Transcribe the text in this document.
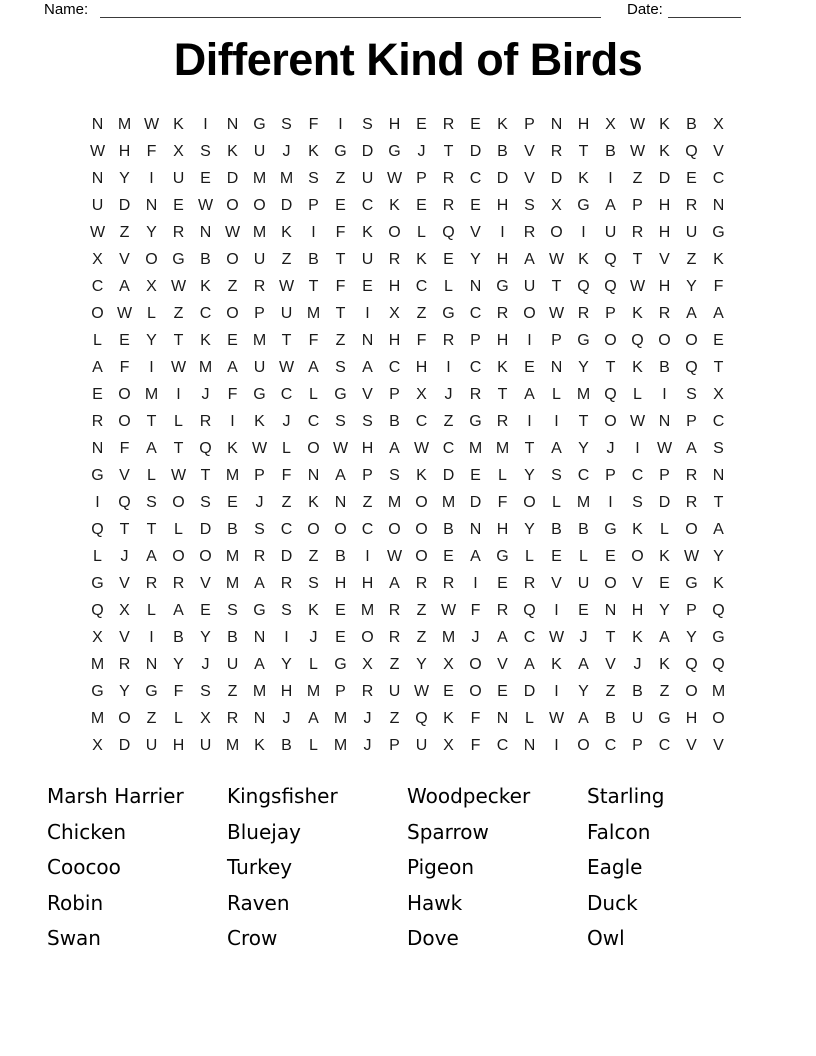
Name:	Date:
Different Kind of Birds
N M W K	I	N G S	F	I	S H E R E	K	P N H X W K	B	X
W H	F	X	S	K U	J	K G D G	J	T	D B	V R	T	B W K Q V
N Y	I	U E D M M S	Z	U W P R C D V D K	I	Z	D E C
U D N E W O O D P	E C K	E R E H S	X G A	P H R N
W Z	Y R N W M K	I	F	K O	L	Q V	I	R O	I	U R H U G
X	V O G B O U	Z	B	T	U R K	E	Y H A W K Q T	V	Z	K
C A	X W K	Z	R W T	F	E H C	L	N G U	T Q Q W H Y	F
O W L	Z	C O P U M T	I	X	Z G C R O W R P	K R A	A
L	E	Y	T	K	E M T	F	Z	N H	F	R P H	I	P G O Q O O E
A	F	I	W M A U W A	S	A C H	I	C K	E N Y	T	K	B Q T
E O M	I	J	F G C	L	G V	P	X	J	R	T	A	L M Q	L	I	S	X
R O T	L	R	I	K	J	C S	S	B C	Z G R	I	I	T O W N P C
N	F	A	T Q K W L	O W H A W C M M T	A	Y	J	I	W A	S
G V	L W T M P	F	N A	P	S	K D E	L	Y	S C P C P R N
I	Q S O S	E	J	Z	K N	Z M O M D	F O	L M	I	S D R	T
Q T	T	L	D B	S C O O C O O B N H Y	B	B G K	L	O A
L	J	A O O M R D	Z	B	I	W O E	A G	L	E	L	E O K W Y
G V R R V M A R S H H A R R	I	E R V U O V	E G K
Q X	L	A	E	S G S	K	E M R	Z W F	R Q	I	E N H Y	P Q
X	V	I	B	Y	B N	I	J	E O R	Z M	J	A C W J	T	K	A	Y G
M R N Y	J	U A	Y	L	G X	Z	Y	X O V	A	K	A	V	J	K Q Q
G Y G F	S	Z M H M P R U W E O E D	I	Y	Z	B	Z O M
M O Z	L	X R N	J	A M	J	Z Q K	F	N	L W A	B U G H O
X D U H U M K	B	L M	J	P U X	F	C N	I	O C P C V	V
Marsh Harrier
Chicken
Coocoo
Robin
Swan
Kingsfisher
Bluejay
Turkey
Raven
Crow
Woodpecker
Sparrow
Pigeon
Hawk
Dove
Starling
Falcon
Eagle
Duck
Owl
